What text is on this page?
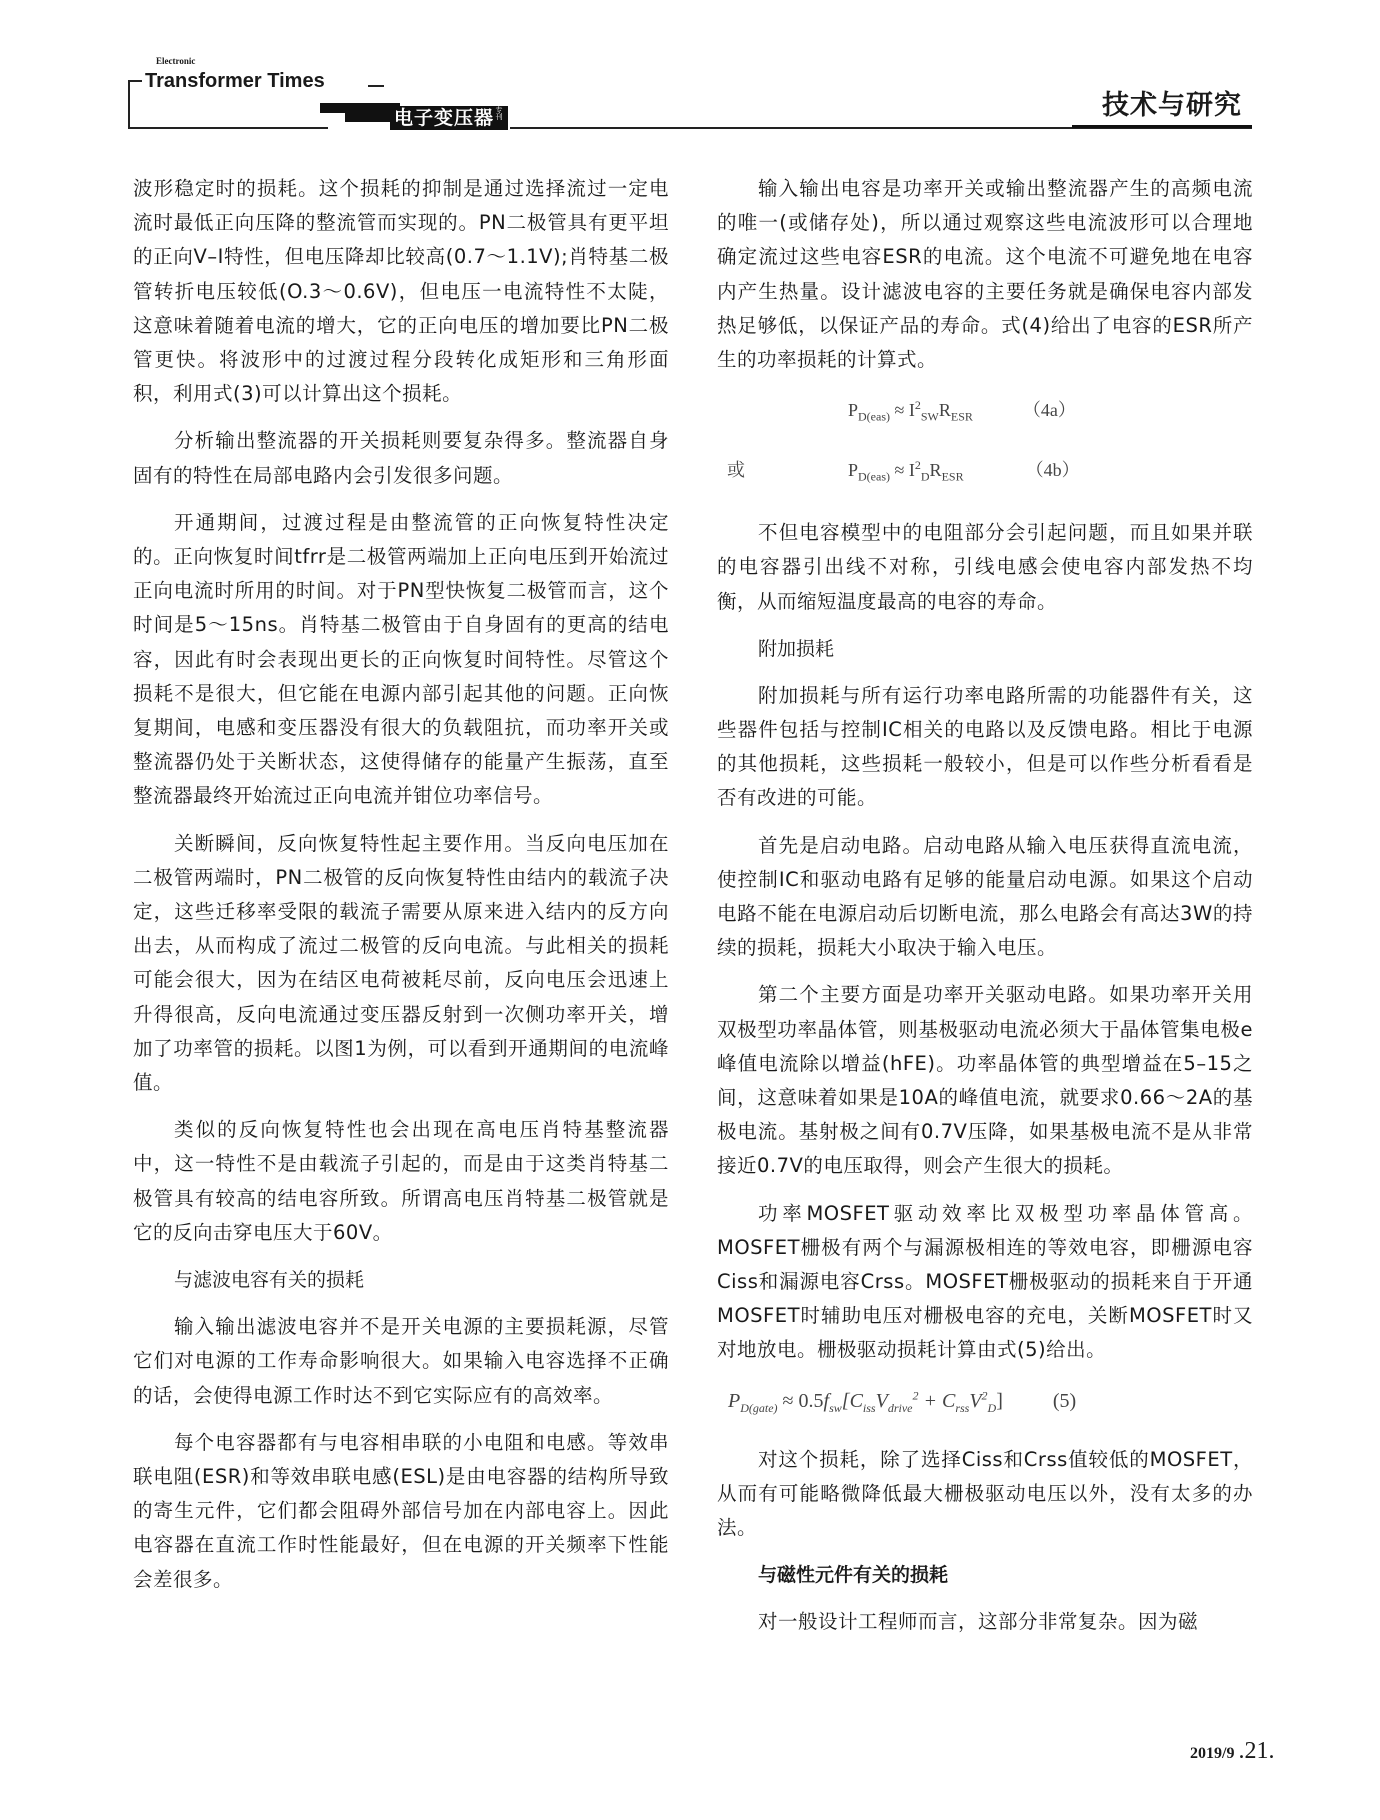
Electronic
Transformer Times
电子变压器专刊	技术与研究

波形稳定时的损耗。这个损耗的抑制是通过选择流过一定电流时最低正向压降的整流管而实现的。PN二极管具有更平坦的正向V–I特性，但电压降却比较高(0.7～1.1V);肖特基二极管转折电压较低(O.3～0.6V)，但电压一电流特性不太陡，这意味着随着电流的增大，它的正向电压的增加要比PN二极管更快。将波形中的过渡过程分段转化成矩形和三角形面积，利用式(3)可以计算出这个损耗。

分析输出整流器的开关损耗则要复杂得多。整流器自身固有的特性在局部电路内会引发很多问题。

开通期间，过渡过程是由整流管的正向恢复特性决定的。正向恢复时间tfrr是二极管两端加上正向电压到开始流过正向电流时所用的时间。对于PN型快恢复二极管而言，这个时间是5～15ns。肖特基二极管由于自身固有的更高的结电容，因此有时会表现出更长的正向恢复时间特性。尽管这个损耗不是很大，但它能在电源内部引起其他的问题。正向恢复期间，电感和变压器没有很大的负载阻抗，而功率开关或整流器仍处于关断状态，这使得储存的能量产生振荡，直至整流器最终开始流过正向电流并钳位功率信号。

关断瞬间，反向恢复特性起主要作用。当反向电压加在二极管两端时，PN二极管的反向恢复特性由结内的载流子决定，这些迁移率受限的载流子需要从原来进入结内的反方向出去，从而构成了流过二极管的反向电流。与此相关的损耗可能会很大，因为在结区电荷被耗尽前，反向电压会迅速上升得很高，反向电流通过变压器反射到一次侧功率开关，增加了功率管的损耗。以图1为例，可以看到开通期间的电流峰值。

类似的反向恢复特性也会出现在高电压肖特基整流器中，这一特性不是由载流子引起的，而是由于这类肖特基二极管具有较高的结电容所致。所谓高电压肖特基二极管就是它的反向击穿电压大于60V。

与滤波电容有关的损耗

输入输出滤波电容并不是开关电源的主要损耗源，尽管它们对电源的工作寿命影响很大。如果输入电容选择不正确的话，会使得电源工作时达不到它实际应有的高效率。

每个电容器都有与电容相串联的小电阻和电感。等效串联电阻(ESR)和等效串联电感(ESL)是由电容器的结构所导致的寄生元件，它们都会阻碍外部信号加在内部电容上。因此电容器在直流工作时性能最好，但在电源的开关频率下性能会差很多。

输入输出电容是功率开关或输出整流器产生的高频电流的唯一(或储存处)，所以通过观察这些电流波形可以合理地确定流过这些电容ESR的电流。这个电流不可避免地在电容内产生热量。设计滤波电容的主要任务就是确保电容内部发热足够低，以保证产品的寿命。式(4)给出了电容的ESR所产生的功率损耗的计算式。

$P_{D(eas)} \approx I^2_{SW}R_{ESR}$	（4a）
或	$P_{D(eas)} \approx I^2_DR_{ESR}$	（4b）

不但电容模型中的电阻部分会引起问题，而且如果并联的电容器引出线不对称，引线电感会使电容内部发热不均衡，从而缩短温度最高的电容的寿命。

附加损耗

附加损耗与所有运行功率电路所需的功能器件有关，这些器件包括与控制IC相关的电路以及反馈电路。相比于电源的其他损耗，这些损耗一般较小，但是可以作些分析看看是否有改进的可能。

首先是启动电路。启动电路从输入电压获得直流电流，使控制IC和驱动电路有足够的能量启动电源。如果这个启动电路不能在电源启动后切断电流，那么电路会有高达3W的持续的损耗，损耗大小取决于输入电压。

第二个主要方面是功率开关驱动电路。如果功率开关用双极型功率晶体管，则基极驱动电流必须大于晶体管集电极e峰值电流除以增益(hFE)。功率晶体管的典型增益在5–15之间，这意味着如果是10A的峰值电流，就要求0.66～2A的基极电流。基射极之间有0.7V压降，如果基极电流不是从非常接近0.7V的电压取得，则会产生很大的损耗。

功率MOSFET驱动效率比双极型功率晶体管高。MOSFET栅极有两个与漏源极相连的等效电容，即栅源电容Ciss和漏源电容Crss。MOSFET栅极驱动的损耗来自于开通MOSFET时辅助电压对栅极电容的充电，关断MOSFET时又对地放电。栅极驱动损耗计算由式(5)给出。

$P_{D(gate)} \approx 0.5f_{sw}[C_{iss}V_{drive}^2 + C_{rss}V^2_D]$	(5)

对这个损耗，除了选择Ciss和Crss值较低的MOSFET，从而有可能略微降低最大栅极驱动电压以外，没有太多的办法。

与磁性元件有关的损耗

对一般设计工程师而言，这部分非常复杂。因为磁

2019/9 .21.
